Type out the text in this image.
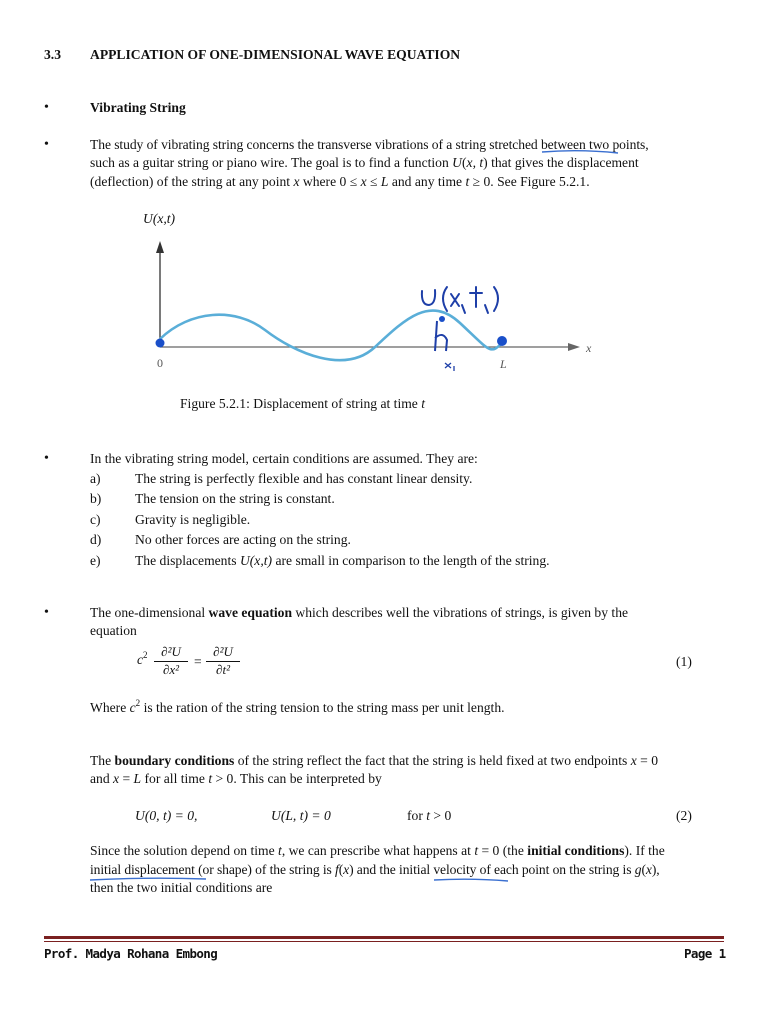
3.3 APPLICATION OF ONE-DIMENSIONAL WAVE EQUATION
•	Vibrating String
•	The study of vibrating string concerns the transverse vibrations of a string stretched between two points,
such as a guitar string or piano wire. The goal is to find a function U(x, t) that gives the displacement
(deflection) of the string at any point x where 0 ≤ x ≤ L and any time t ≥ 0. See Figure 5.2.1.
U(x,t)
0	L
x
Figure 5.2.1: Displacement of string at time t
•	In the vibrating string model, certain conditions are assumed. They are:
a)	The string is perfectly flexible and has constant linear density.
b) The tension on the string is constant.
c)	Gravity is negligible.
d) No other forces are acting on the string.
e)	The displacements U(x,t) are small in comparison to the length of the string.
•	The one-dimensional wave equation which describes well the vibrations of strings, is given by the
equation
$c^2 \frac{\text{∂²U}}{\text{∂x²}} = \frac{\text{∂²U}}{\text{∂t²}}$	(1)
Where $c^2$ is the ration of the string tension to the string mass per unit length.
The boundary conditions of the string reflect the fact that the string is held fixed at two endpoints x = 0
and x = L for all time t > 0. This can be interpreted by
U(0, t) = 0,	U(L, t) = 0	for t > 0	(2)
Since the solution depend on time t, we can prescribe what happens at t = 0 (the initial conditions). If the
initial displacement (or shape) of the string is f(x) and the initial velocity of each point on the string is g(x),
then the two initial conditions are
Prof. Madya Rohana Embong	Page 1
